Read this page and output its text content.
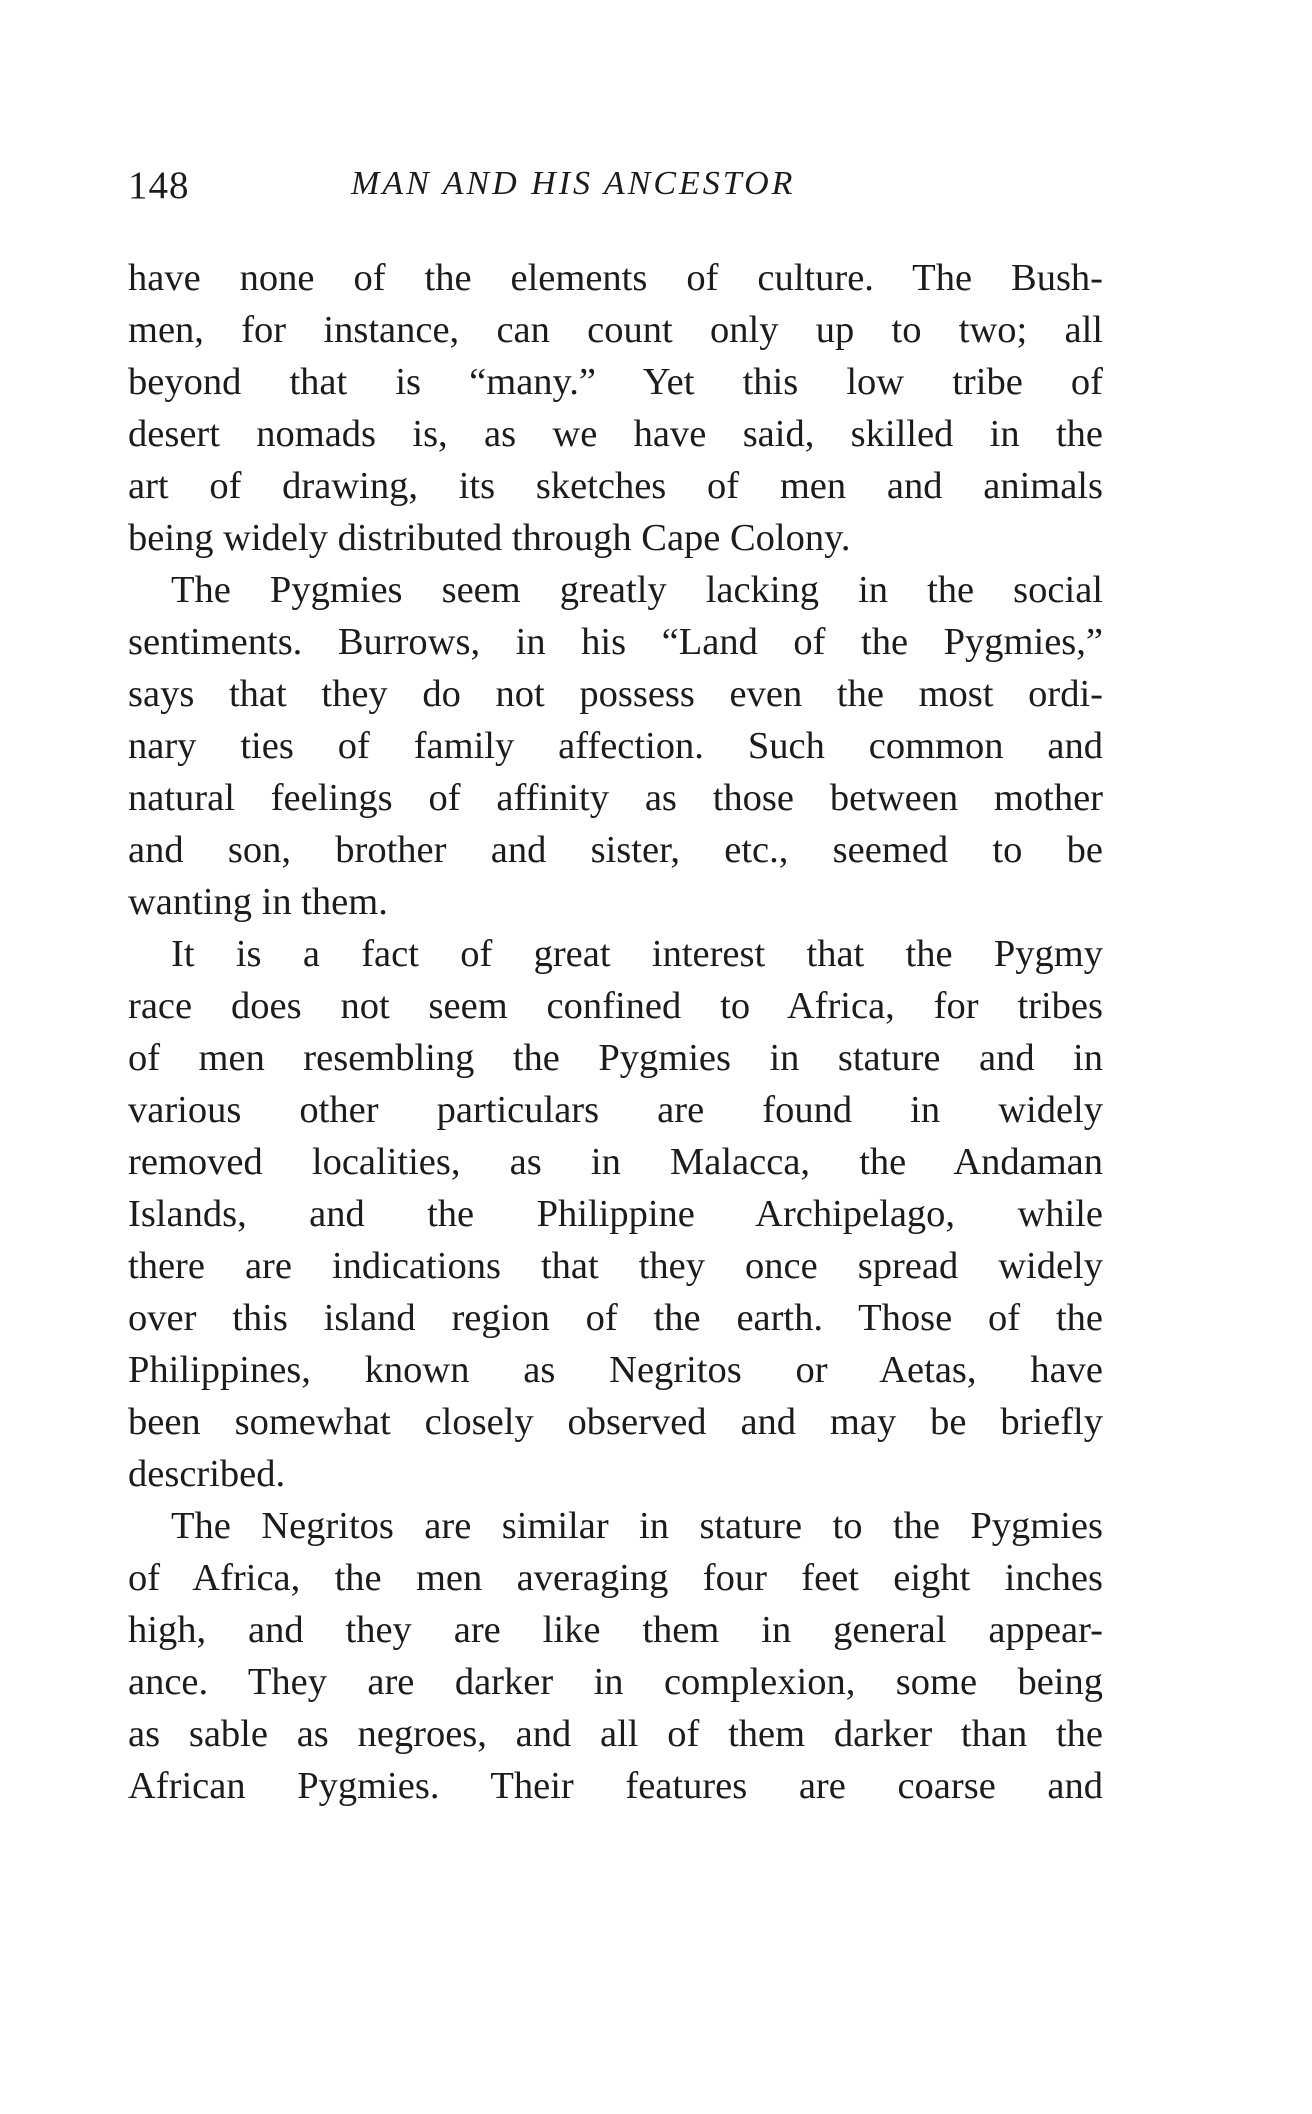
148	MAN AND HIS ANCESTOR
have none of the elements of culture. The Bush-
men, for instance, can count only up to two; all
beyond that is “many.” Yet this low tribe of
desert nomads is, as we have said, skilled in the
art of drawing, its sketches of men and animals
being widely distributed through Cape Colony.
The Pygmies seem greatly lacking in the social
sentiments. Burrows, in his “Land of the Pygmies,”
says that they do not possess even the most ordi-
nary ties of family affection. Such common and
natural feelings of affinity as those between mother
and son, brother and sister, etc., seemed to be
wanting in them.
It is a fact of great interest that the Pygmy
race does not seem confined to Africa, for tribes
of men resembling the Pygmies in stature and in
various other particulars are found in widely
removed localities, as in Malacca, the Andaman
Islands, and the Philippine Archipelago, while
there are indications that they once spread widely
over this island region of the earth. Those of the
Philippines, known as Negritos or Aetas, have
been somewhat closely observed and may be briefly
described.
The Negritos are similar in stature to the Pygmies
of Africa, the men averaging four feet eight inches
high, and they are like them in general appear-
ance. They are darker in complexion, some being
as sable as negroes, and all of them darker than the
African Pygmies. Their features are coarse and
